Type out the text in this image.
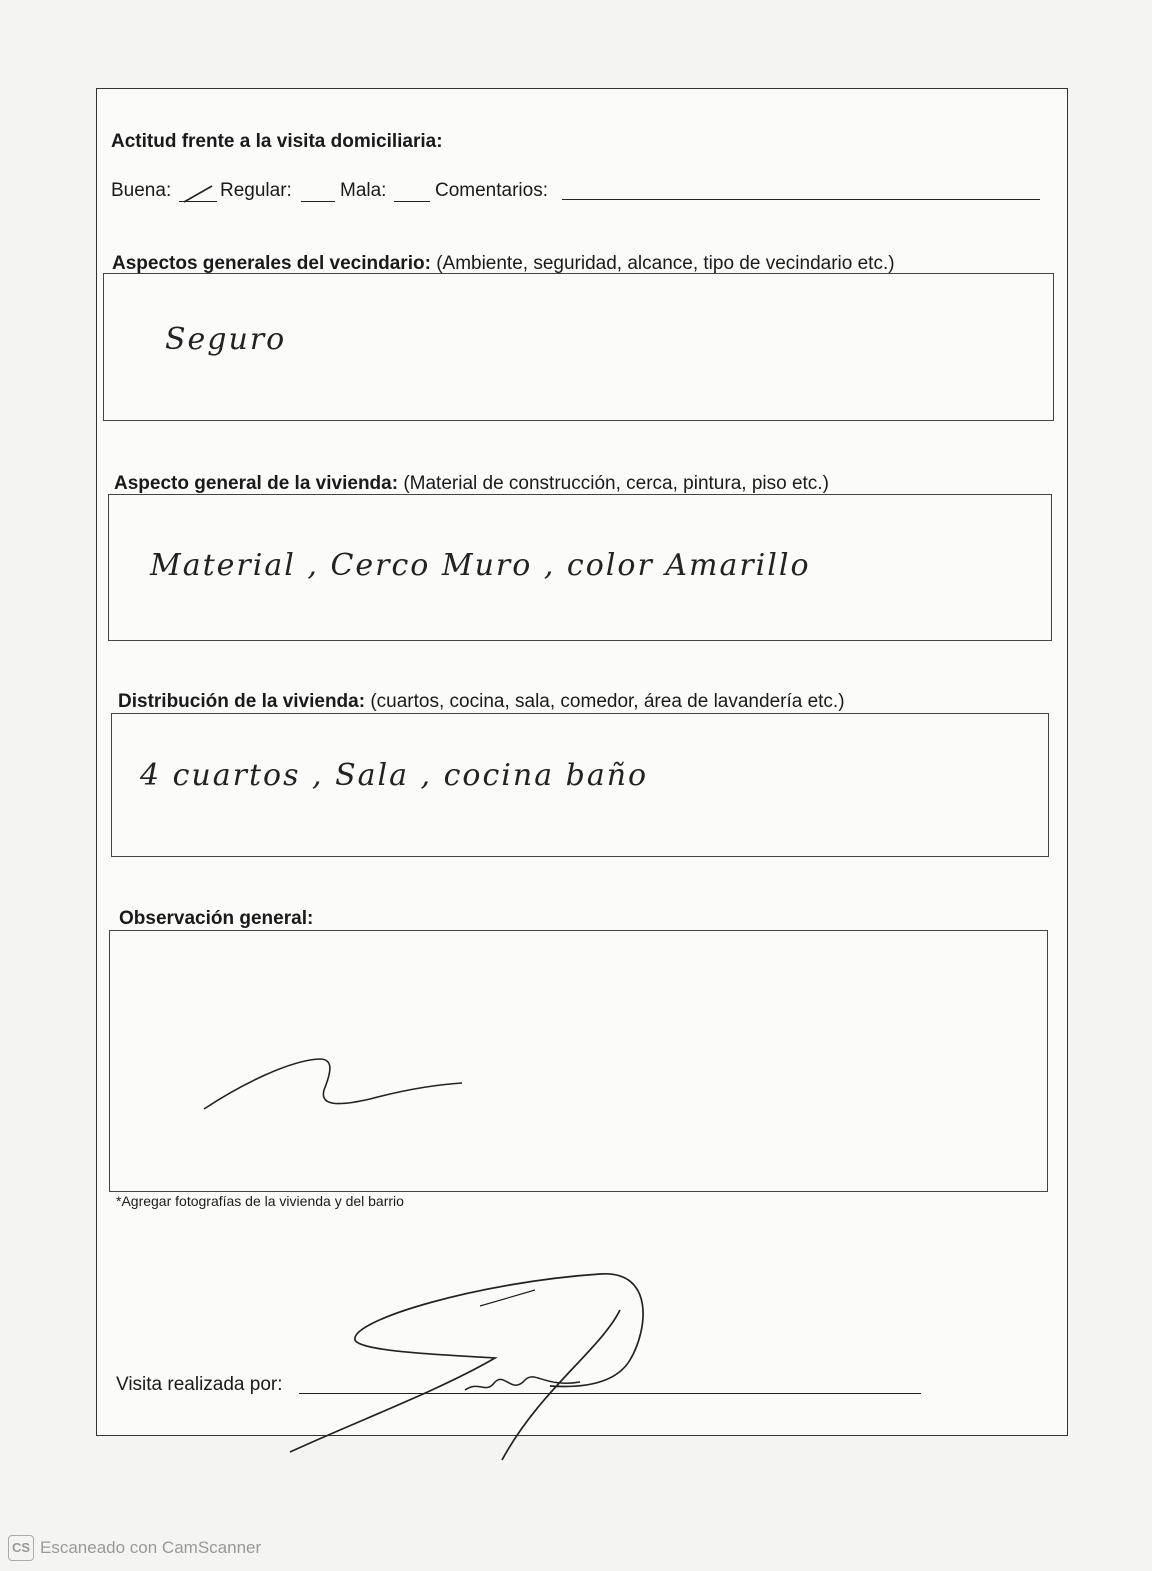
Actitud frente a la visita domiciliaria:
Buena:	Regular:	Mala:	Comentarios:
Aspectos generales del vecindario: (Ambiente, seguridad, alcance, tipo de vecindario etc.)
Seguro
Aspecto general de la vivienda: (Material de construcción, cerca, pintura, piso etc.)
Material , Cerco Muro , color Amarillo
Distribución de la vivienda: (cuartos, cocina, sala, comedor, área de lavandería etc.)
4 cuartos , Sala , cocina baño
Observación general:
*Agregar fotografías de la vivienda y del barrio
Visita realizada por:
CS Escaneado con CamScanner
